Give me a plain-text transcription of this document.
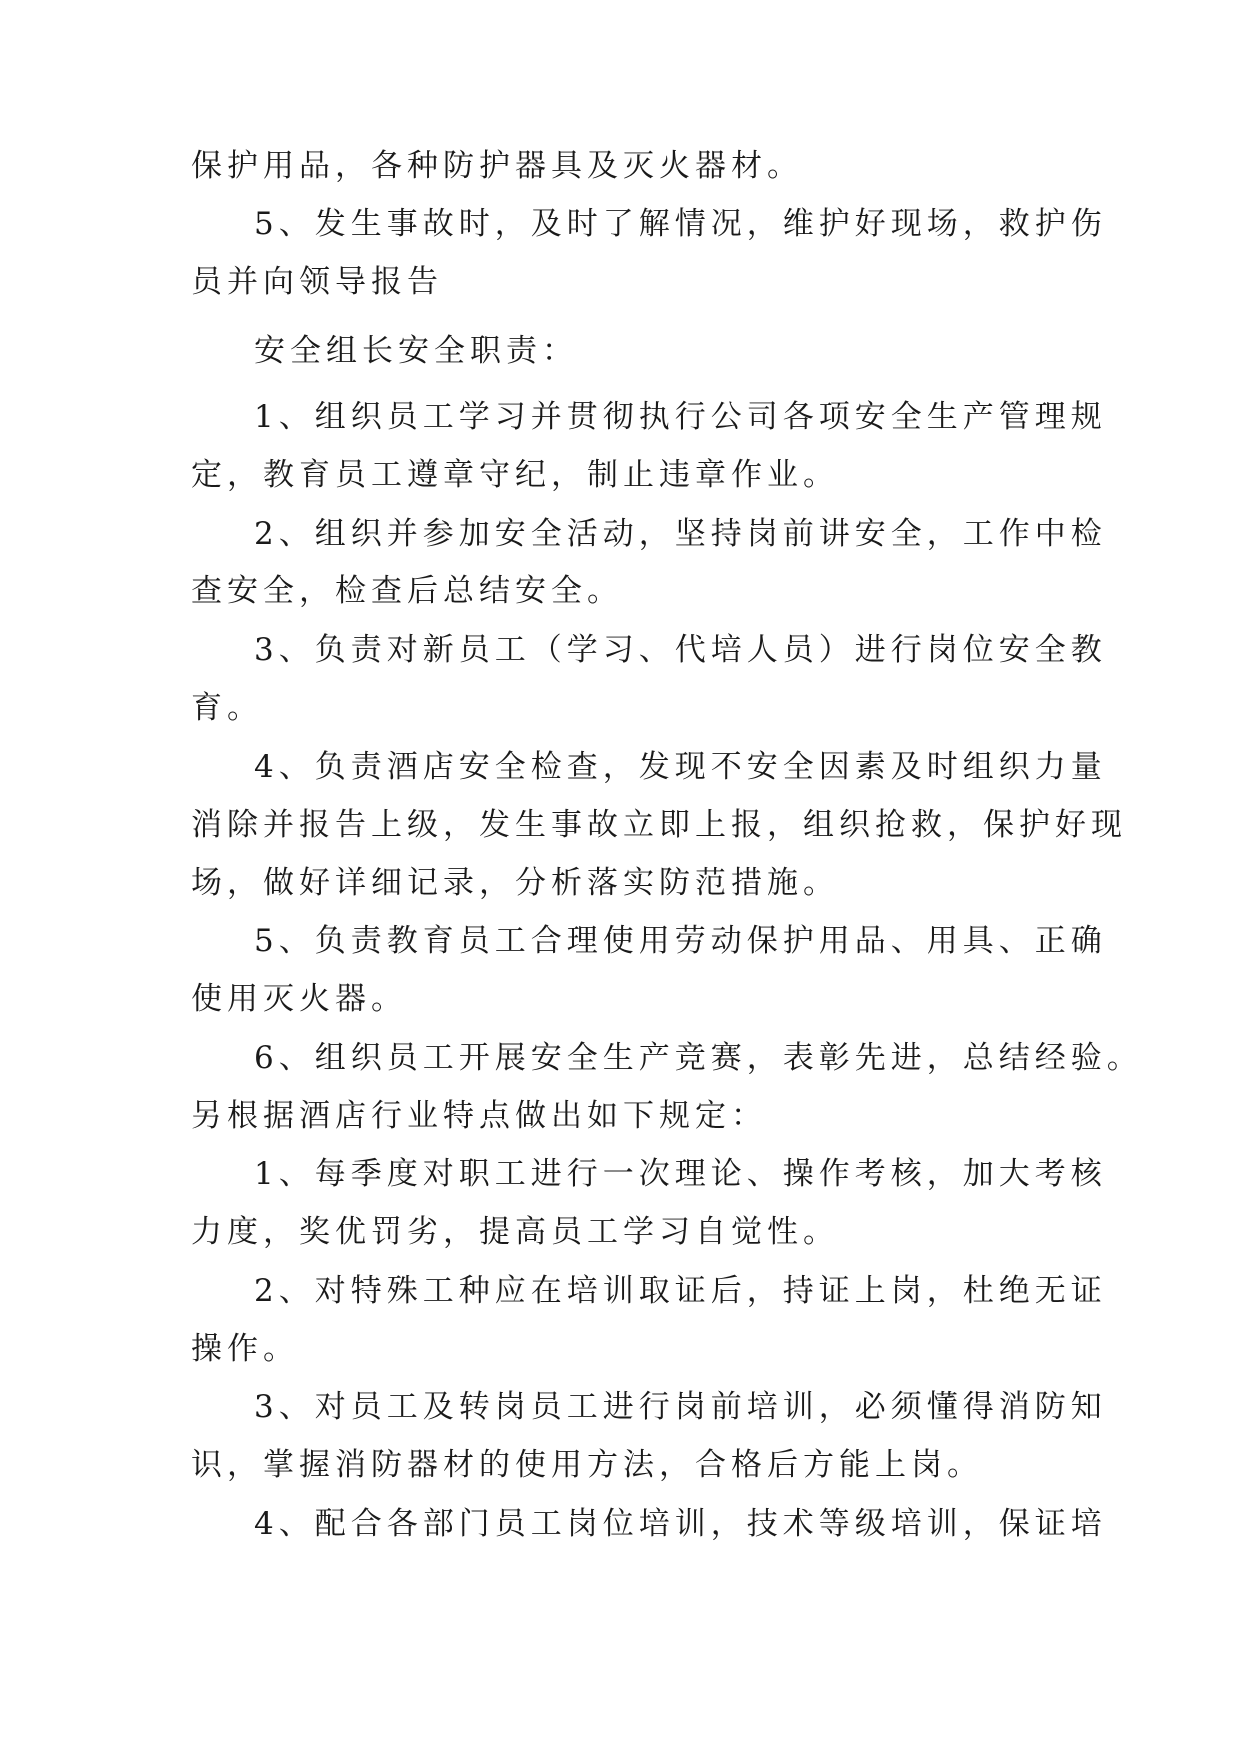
保护用品，各种防护器具及灭火器材。

5、发生事故时，及时了解情况，维护好现场，救护伤

员并向领导报告

安全组长安全职责：

1、组织员工学习并贯彻执行公司各项安全生产管理规

定，教育员工遵章守纪，制止违章作业。

2、组织并参加安全活动，坚持岗前讲安全，工作中检

查安全，检查后总结安全。

3、负责对新员工（学习、代培人员）进行岗位安全教

育。

4、负责酒店安全检查，发现不安全因素及时组织力量

消除并报告上级，发生事故立即上报，组织抢救，保护好现

场，做好详细记录，分析落实防范措施。

5、负责教育员工合理使用劳动保护用品、用具、正确

使用灭火器。

6、组织员工开展安全生产竞赛，表彰先进，总结经验。

另根据酒店行业特点做出如下规定：

1、每季度对职工进行一次理论、操作考核，加大考核

力度，奖优罚劣，提高员工学习自觉性。

2、对特殊工种应在培训取证后，持证上岗，杜绝无证

操作。

3、对员工及转岗员工进行岗前培训，必须懂得消防知

识，掌握消防器材的使用方法，合格后方能上岗。

4、配合各部门员工岗位培训，技术等级培训，保证培
